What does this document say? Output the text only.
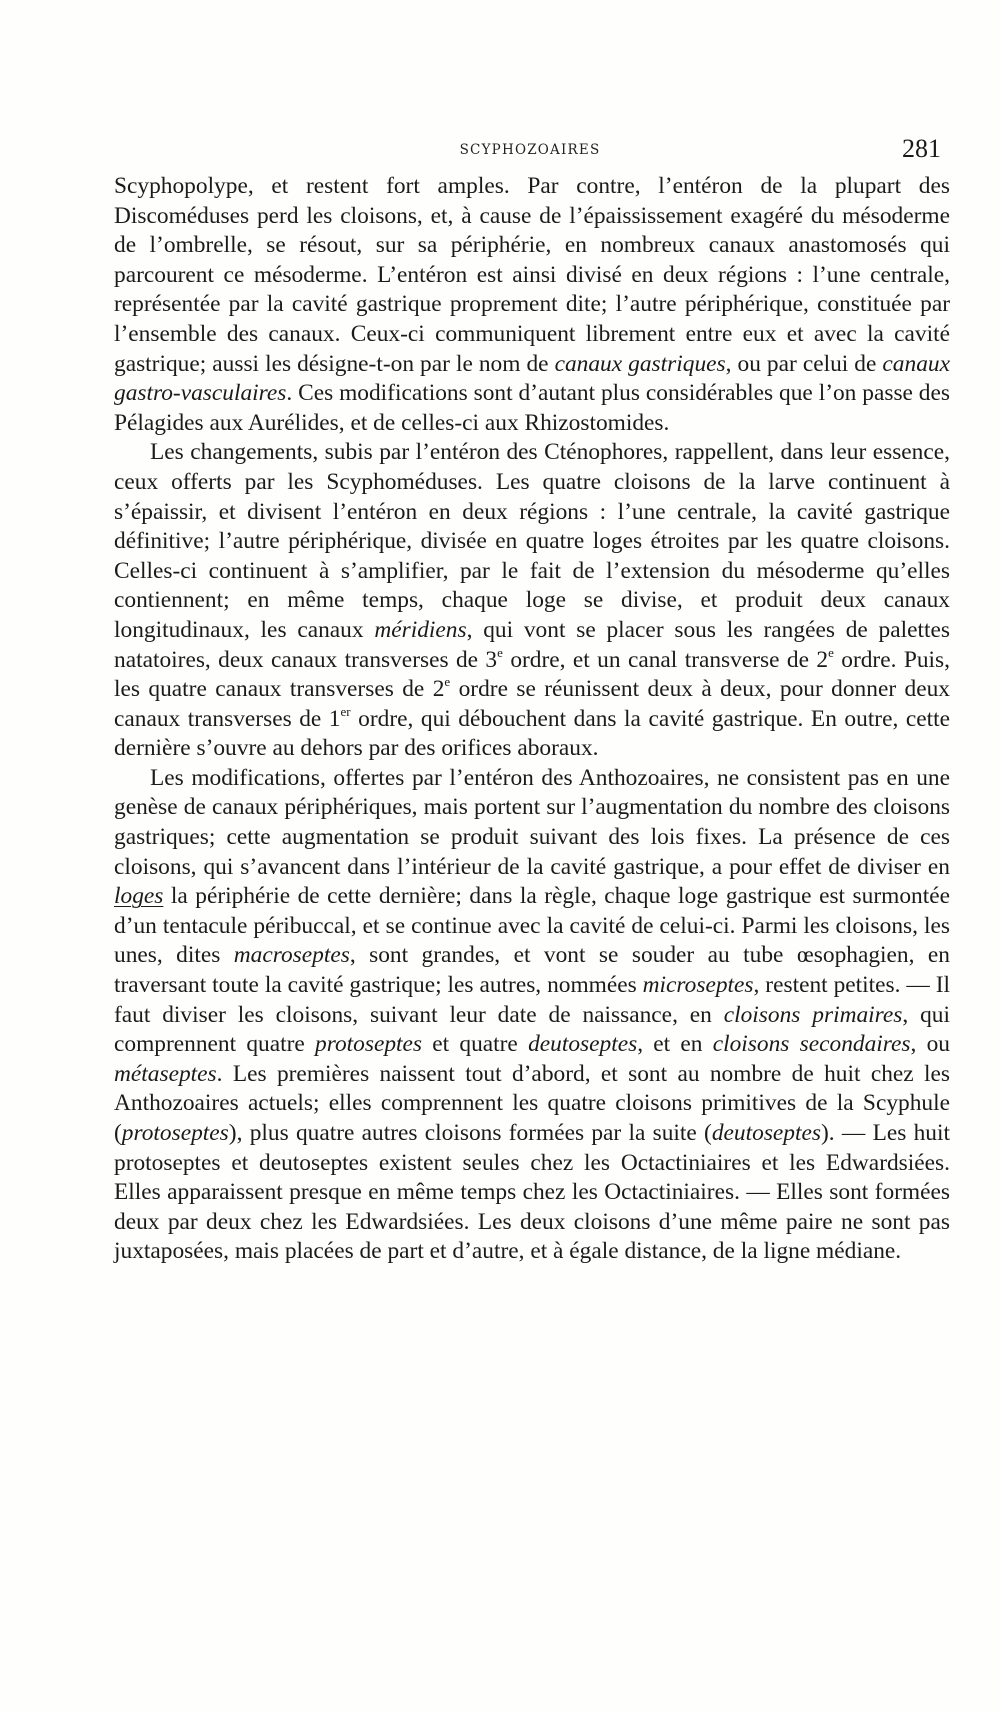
SCYPHOZOAIRES	281

Scyphopolype, et restent fort amples. Par contre, l’entéron de la plupart des Discoméduses perd les cloisons, et, à cause de l’épaississement exagéré du mésoderme de l’ombrelle, se résout, sur sa périphérie, en nombreux canaux anastomosés qui parcourent ce mésoderme. L’entéron est ainsi divisé en deux régions : l’une centrale, représentée par la cavité gastrique proprement dite; l’autre périphérique, constituée par l’ensemble des canaux. Ceux-ci communiquent librement entre eux et avec la cavité gastrique; aussi les désigne-t-on par le nom de canaux gastriques, ou par celui de canaux gastro-vasculaires. Ces modifications sont d’autant plus considérables que l’on passe des Pélagides aux Aurélides, et de celles-ci aux Rhizostomides.

Les changements, subis par l’entéron des Cténophores, rappellent, dans leur essence, ceux offerts par les Scyphoméduses. Les quatre cloisons de la larve continuent à s’épaissir, et divisent l’entéron en deux régions : l’une centrale, la cavité gastrique définitive; l’autre périphérique, divisée en quatre loges étroites par les quatre cloisons. Celles-ci continuent à s’amplifier, par le fait de l’extension du mésoderme qu’elles contiennent; en même temps, chaque loge se divise, et produit deux canaux longitudinaux, les canaux méridiens, qui vont se placer sous les rangées de palettes natatoires, deux canaux transverses de 3e ordre, et un canal transverse de 2e ordre. Puis, les quatre canaux transverses de 2e ordre se réunissent deux à deux, pour donner deux canaux transverses de 1er ordre, qui débouchent dans la cavité gastrique. En outre, cette dernière s’ouvre au dehors par des orifices aboraux.

Les modifications, offertes par l’entéron des Anthozoaires, ne consistent pas en une genèse de canaux périphériques, mais portent sur l’augmentation du nombre des cloisons gastriques; cette augmentation se produit suivant des lois fixes. La présence de ces cloisons, qui s’avancent dans l’intérieur de la cavité gastrique, a pour effet de diviser en loges la périphérie de cette dernière; dans la règle, chaque loge gastrique est surmontée d’un tentacule péribuccal, et se continue avec la cavité de celui-ci. Parmi les cloisons, les unes, dites macroseptes, sont grandes, et vont se souder au tube œsophagien, en traversant toute la cavité gastrique; les autres, nommées microseptes, restent petites. — Il faut diviser les cloisons, suivant leur date de naissance, en cloisons primaires, qui comprennent quatre protoseptes et quatre deutoseptes, et en cloisons secondaires, ou métaseptes. Les premières naissent tout d’abord, et sont au nombre de huit chez les Anthozoaires actuels; elles comprennent les quatre cloisons primitives de la Scyphule (protoseptes), plus quatre autres cloisons formées par la suite (deutoseptes). — Les huit protoseptes et deutoseptes existent seules chez les Octactiniaires et les Edwardsiées. Elles apparaissent presque en même temps chez les Octactiniaires. — Elles sont formées deux par deux chez les Edwardsiées. Les deux cloisons d’une même paire ne sont pas juxtaposées, mais placées de part et d’autre, et à égale distance, de la ligne médiane.
